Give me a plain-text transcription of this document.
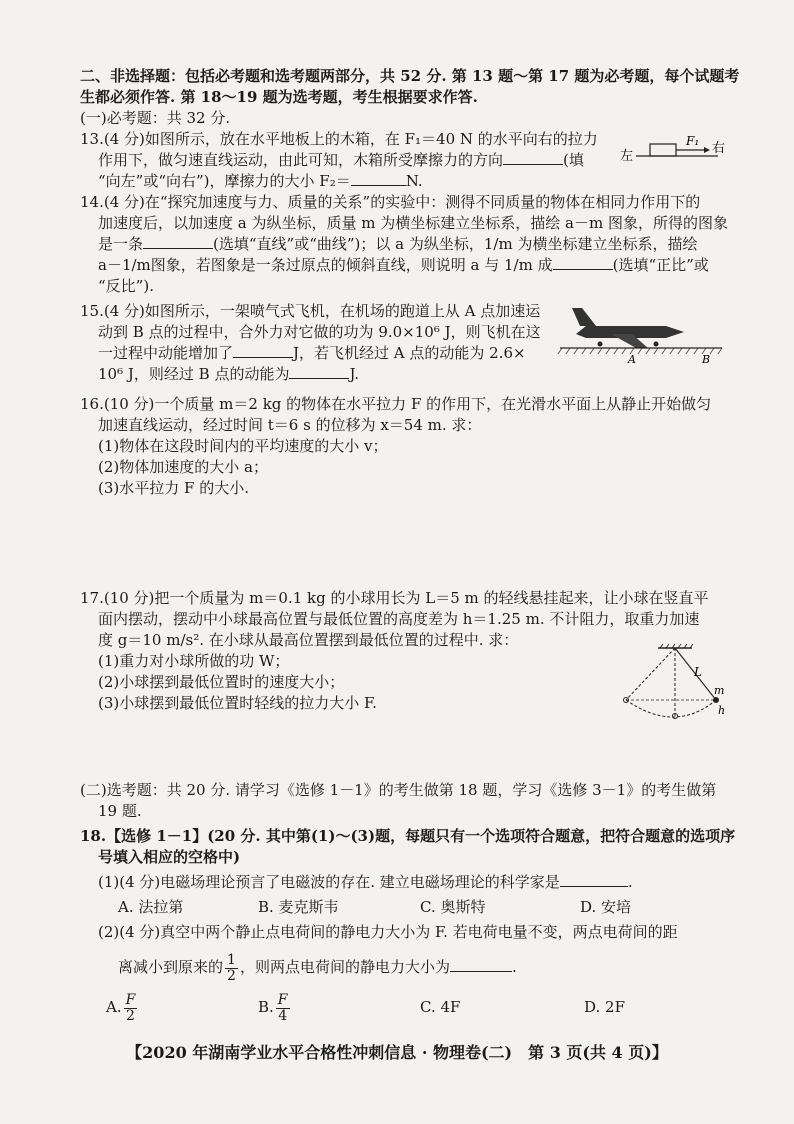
二、非选择题：包括必考题和选考题两部分，共 52 分. 第 13 题～第 17 题为必考题，每个试题考
生都必须作答. 第 18～19 题为选考题，考生根据要求作答.
(一)必考题：共 32 分.
13.(4 分)如图所示，放在水平地板上的木箱，在 F₁＝40 N 的水平向右的拉力
作用下，做匀速直线运动，由此可知，木箱所受摩擦力的方向	(填
“向左”或“向右”)，摩擦力的大小 F₂＝	N.
左
F₁ 右
14.(4 分)在“探究加速度与力、质量的关系”的实验中：测得不同质量的物体在相同力作用下的
加速度后，以加速度 a 为纵坐标，质量 m 为横坐标建立坐标系，描绘 a－m 图象，所得的图象
是一条	(选填“直线”或“曲线”)；以 a 为纵坐标，1/m 为横坐标建立坐标系，描绘
a－1/m图象，若图象是一条过原点的倾斜直线，则说明 a 与 1/m 成	(选填“正比”或
“反比”).
15.(4 分)如图所示，一架喷气式飞机，在机场的跑道上从 A 点加速运
动到 B 点的过程中，合外力对它做的功为 9.0×10⁶ J，则飞机在这
一过程中动能增加了	J，若飞机经过 A 点的动能为 2.6×
10⁶ J，则经过 B 点的动能为	J.
A	B
16.(10 分)一个质量 m＝2 kg 的物体在水平拉力 F 的作用下，在光滑水平面上从静止开始做匀
加速直线运动，经过时间 t＝6 s 的位移为 x＝54 m. 求：
(1)物体在这段时间内的平均速度的大小 v；
(2)物体加速度的大小 a；
(3)水平拉力 F 的大小.
17.(10 分)把一个质量为 m＝0.1 kg 的小球用长为 L＝5 m 的轻线悬挂起来，让小球在竖直平
面内摆动，摆动中小球最高位置与最低位置的高度差为 h＝1.25 m. 不计阻力，取重力加速
度 g＝10 m/s². 在小球从最高位置摆到最低位置的过程中. 求：
(1)重力对小球所做的功 W；
(2)小球摆到最低位置时的速度大小；
(3)小球摆到最低位置时轻线的拉力大小 F.
L
m
h
(二)选考题：共 20 分. 请学习《选修 1－1》的考生做第 18 题，学习《选修 3－1》的考生做第
19 题.
18.【选修 1－1】(20 分. 其中第(1)～(3)题，每题只有一个选项符合题意，把符合题意的选项序
号填入相应的空格中)
(1)(4 分)电磁场理论预言了电磁波的存在. 建立电磁场理论的科学家是	.
A. 法拉第	B. 麦克斯韦	C. 奥斯特	D. 安培
(2)(4 分)真空中两个静止点电荷间的静电力大小为 F. 若电荷电量不变，两点电荷间的距
离减小到原来的 $\frac{1}{2}$ ，则两点电荷间的静电力大小为	.
A. $\frac{F}{2}$	B. $\frac{F}{4}$	C. 4F	D. 2F
【2020 年湖南学业水平合格性冲刺信息 · 物理卷(二)　第 3 页(共 4 页)】
